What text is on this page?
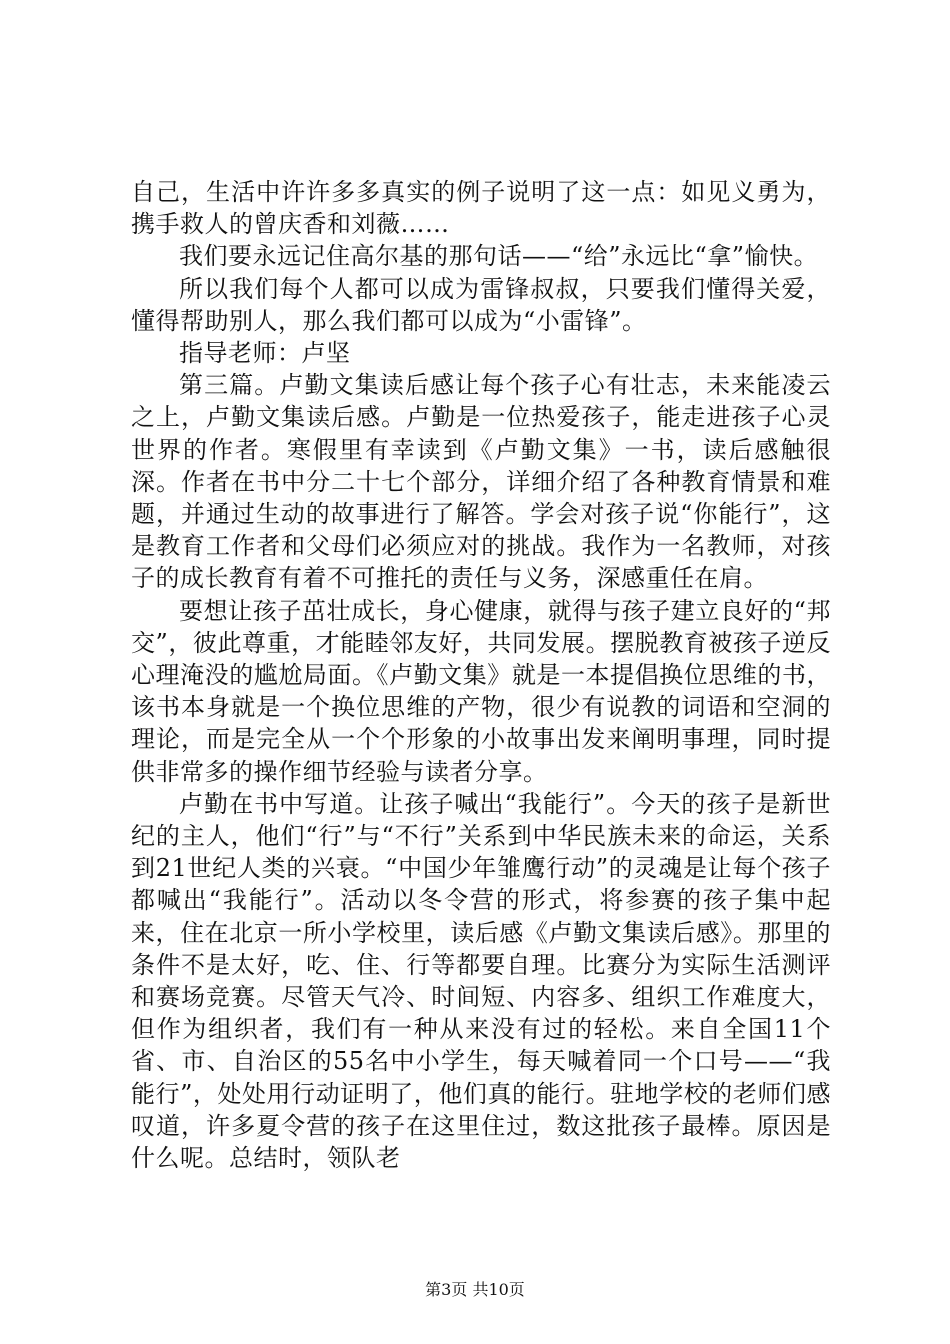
自己，生活中许许多多真实的例子说明了这一点：如见义勇为，携手救人的曾庆香和刘薇……

我们要永远记住高尔基的那句话——“给”永远比“拿”愉快。

所以我们每个人都可以成为雷锋叔叔，只要我们懂得关爱，懂得帮助别人，那么我们都可以成为“小雷锋”。

指导老师：卢坚

第三篇。卢勤文集读后感让每个孩子心有壮志，未来能凌云之上，卢勤文集读后感。卢勤是一位热爱孩子，能走进孩子心灵世界的作者。寒假里有幸读到《卢勤文集》一书，读后感触很深。作者在书中分二十七个部分，详细介绍了各种教育情景和难题，并通过生动的故事进行了解答。学会对孩子说“你能行”，这是教育工作者和父母们必须应对的挑战。我作为一名教师，对孩子的成长教育有着不可推托的责任与义务，深感重任在肩。

要想让孩子茁壮成长，身心健康，就得与孩子建立良好的“邦交”，彼此尊重，才能睦邻友好，共同发展。摆脱教育被孩子逆反心理淹没的尴尬局面。《卢勤文集》就是一本提倡换位思维的书，该书本身就是一个换位思维的产物，很少有说教的词语和空洞的理论，而是完全从一个个形象的小故事出发来阐明事理，同时提供非常多的操作细节经验与读者分享。

卢勤在书中写道。让孩子喊出“我能行”。今天的孩子是新世纪的主人，他们“行”与“不行”关系到中华民族未来的命运，关系到21世纪人类的兴衰。“中国少年雏鹰行动”的灵魂是让每个孩子都喊出“我能行”。活动以冬令营的形式，将参赛的孩子集中起来，住在北京一所小学校里，读后感《卢勤文集读后感》。那里的条件不是太好，吃、住、行等都要自理。比赛分为实际生活测评和赛场竞赛。尽管天气冷、时间短、内容多、组织工作难度大，但作为组织者，我们有一种从来没有过的轻松。来自全国11个省、市、自治区的55名中小学生，每天喊着同一个口号——“我能行”，处处用行动证明了，他们真的能行。驻地学校的老师们感叹道，许多夏令营的孩子在这里住过，数这批孩子最棒。原因是什么呢。总结时，领队老

第3页 共10页
